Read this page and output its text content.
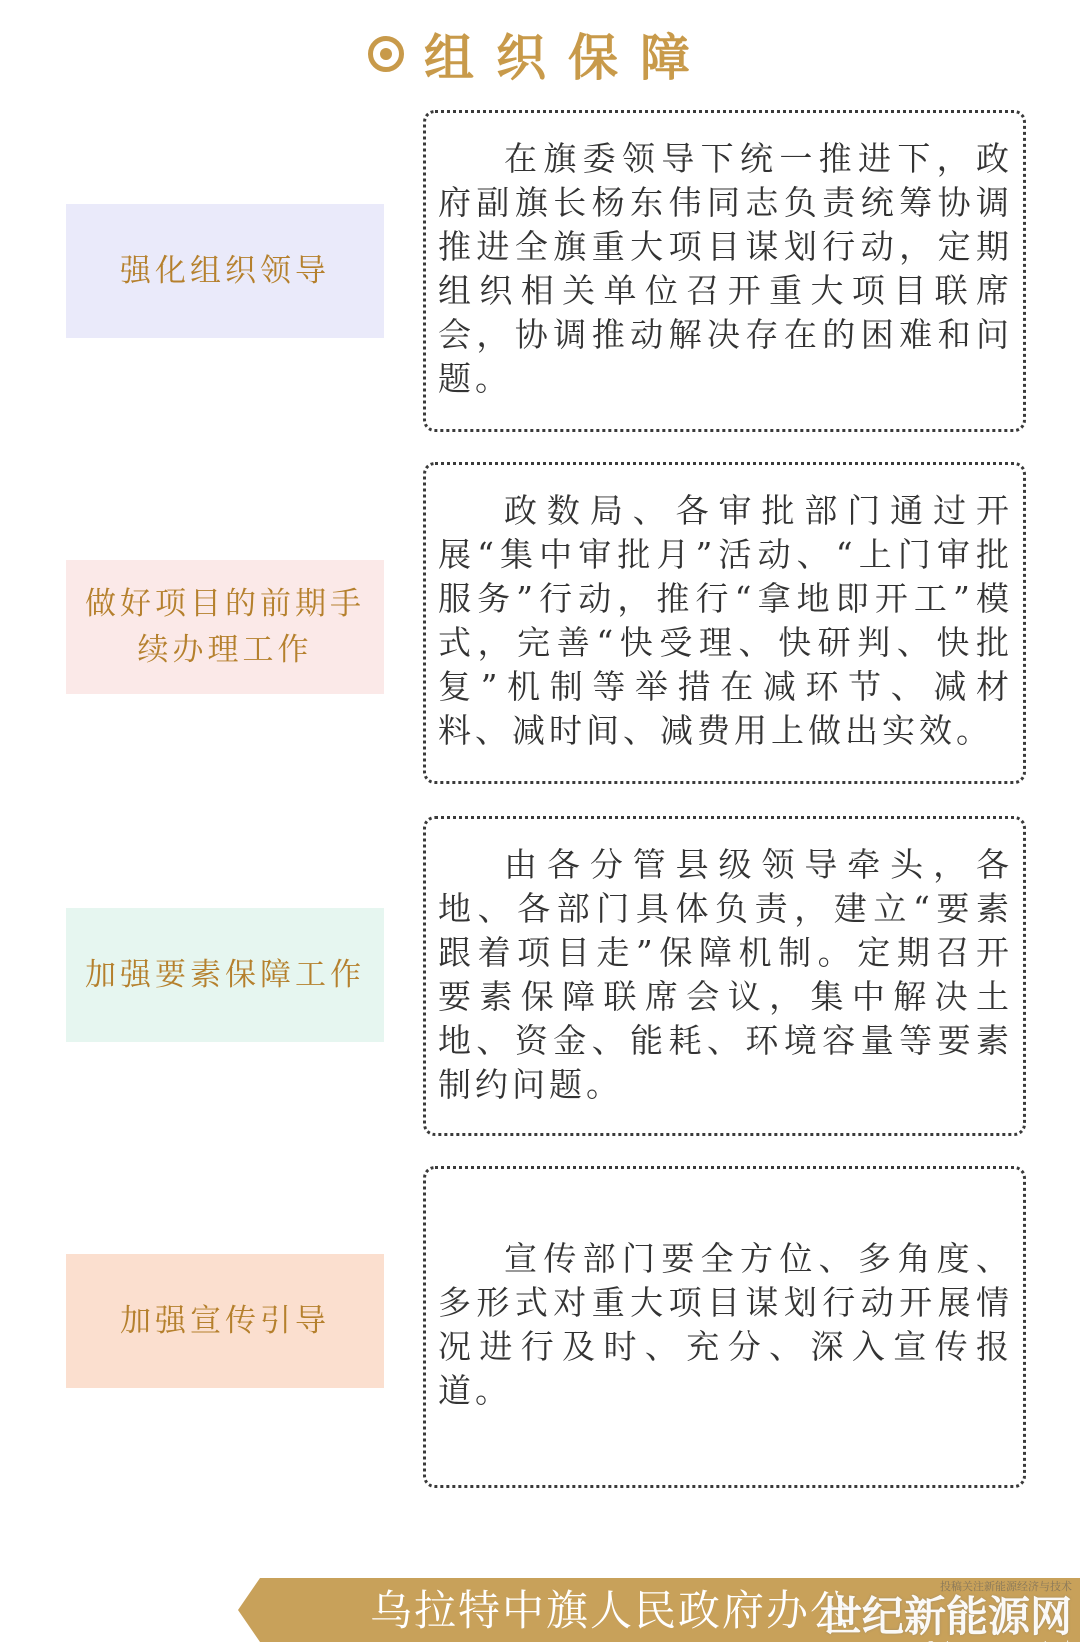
组织保障
强化组织领导

在旗委领导下统一推进下，政府副旗长杨东伟同志负责统筹协调推进全旗重大项目谋划行动，定期组织相关单位召开重大项目联席会，协调推动解决存在的困难和问题。

做好项目的前期手续办理工作

政数局、各审批部门通过开展“集中审批月”活动、“上门审批服务”行动，推行“拿地即开工”模式，完善“快受理、快研判、快批复”机制等举措在减环节、减材料、减时间、减费用上做出实效。

加强要素保障工作

由各分管县级领导牵头，各地、各部门具体负责，建立“要素跟着项目走”保障机制。定期召开要素保障联席会议，集中解决土地、资金、能耗、环境容量等要素制约问题。

加强宣传引导

宣传部门要全方位、多角度、多形式对重大项目谋划行动开展情况进行及时、充分、深入宣传报道。

乌拉特中旗人民政府办公	投稿关注新能源经济与技术
世纪新能源网
Century new energy network
